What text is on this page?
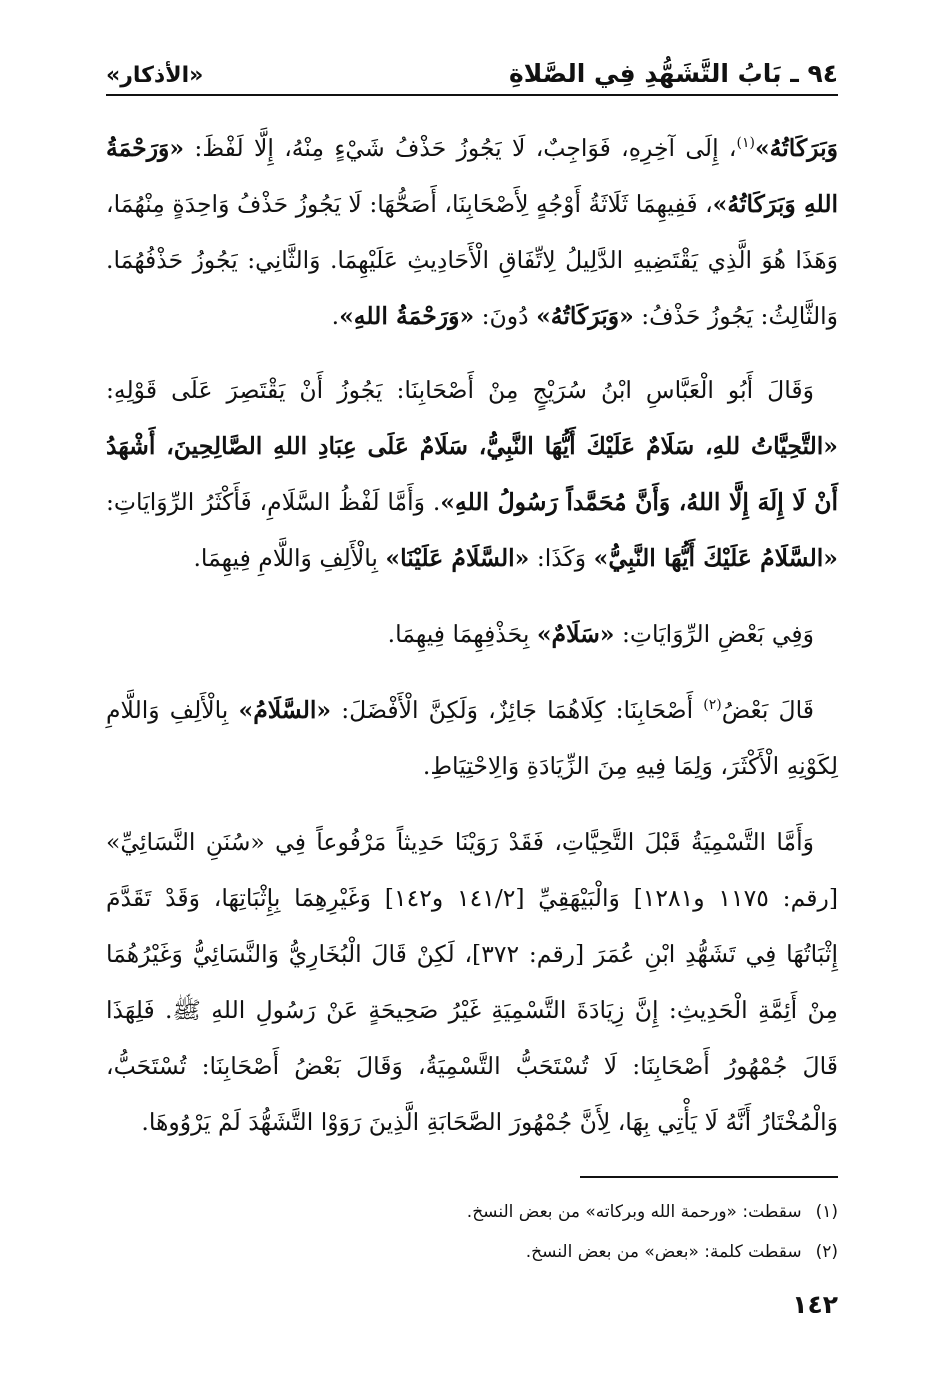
٩٤ ـ بَابُ التَّشَهُّدِ فِي الصَّلاةِ
«الأذكار»

وَبَرَكَاتُهُ»$^{(١)}$، إِلَى آخِرِهِ، فَوَاجِبٌ، لَا يَجُوزُ حَذْفُ شَيْءٍ مِنْهُ، إِلَّا لَفْظَ: «وَرَحْمَةُ اللهِ وَبَرَكَاتُهُ»، فَفِيهِمَا ثَلَاثَةُ أَوْجُهٍ لِأَصْحَابِنَا، أَصَحُّهَا: لَا يَجُوزُ حَذْفُ وَاحِدَةٍ مِنْهُمَا، وَهَذَا هُوَ الَّذِي يَقْتَضِيهِ الدَّلِيلُ لِاتِّفَاقِ الْأَحَادِيثِ عَلَيْهِمَا. وَالثَّانِي: يَجُوزُ حَذْفُهُمَا. وَالثَّالِثُ: يَجُوزُ حَذْفُ: «وَبَرَكَاتُهُ» دُونَ: «وَرَحْمَةُ اللهِ».

وَقَالَ أَبُو الْعَبَّاسِ ابْنُ سُرَيْجٍ مِنْ أَصْحَابِنَا: يَجُوزُ أَنْ يَقْتَصِرَ عَلَى قَوْلِهِ: «التَّحِيَّاتُ للهِ، سَلَامٌ عَلَيْكَ أَيُّهَا النَّبِيُّ، سَلَامٌ عَلَى عِبَادِ اللهِ الصَّالِحِينَ، أَشْهَدُ أَنْ لَا إِلَهَ إِلَّا اللهُ، وَأَنَّ مُحَمَّداً رَسُولُ اللهِ». وَأَمَّا لَفْظُ السَّلَامِ، فَأَكْثَرُ الرِّوَايَاتِ: «السَّلَامُ عَلَيْكَ أَيُّهَا النَّبِيُّ» وَكَذَا: «السَّلَامُ عَلَيْنَا» بِالْأَلِفِ وَاللَّامِ فِيهِمَا.

وَفِي بَعْضِ الرِّوَايَاتِ: «سَلَامٌ» بِحَذْفِهِمَا فِيهِمَا.

قَالَ بَعْضُ$^{(٢)}$ أَصْحَابِنَا: كِلَاهُمَا جَائِزٌ، وَلَكِنَّ الْأَفْضَلَ: «السَّلَامُ» بِالْأَلِفِ وَاللَّامِ لِكَوْنِهِ الْأَكْثَرَ، وَلِمَا فِيهِ مِنَ الزِّيَادَةِ وَالِاحْتِيَاطِ.

وَأَمَّا التَّسْمِيَةُ قَبْلَ التَّحِيَّاتِ، فَقَدْ رَوَيْنَا حَدِيثاً مَرْفُوعاً فِي «سُنَنِ النَّسَائِيِّ» [رقم: ١١٧٥ و١٢٨١] وَالْبَيْهَقِيِّ [١٤١/٢ و١٤٢] وَغَيْرِهِمَا بِإِثْبَاتِهَا، وَقَدْ تَقَدَّمَ إِثْبَاتُهَا فِي تَشَهُّدِ ابْنِ عُمَرَ [رقم: ٣٧٢]، لَكِنْ قَالَ الْبُخَارِيُّ وَالنَّسَائِيُّ وَغَيْرُهُمَا مِنْ أَئِمَّةِ الْحَدِيثِ: إِنَّ زِيَادَةَ التَّسْمِيَةِ غَيْرُ صَحِيحَةٍ عَنْ رَسُولِ اللهِ ﷺ. فَلِهَذَا قَالَ جُمْهُورُ أَصْحَابِنَا: لَا تُسْتَحَبُّ التَّسْمِيَةُ، وَقَالَ بَعْضُ أَصْحَابِنَا: تُسْتَحَبُّ، وَالْمُخْتَارُ أَنَّهُ لَا يَأْتِي بِهَا، لِأَنَّ جُمْهُورَ الصَّحَابَةِ الَّذِينَ رَوَوْا التَّشَهُّدَ لَمْ يَرْوُوهَا.

(١)سقطت: «ورحمة الله وبركاته» من بعض النسخ.
(٢)سقطت كلمة: «بعض» من بعض النسخ.
١٤٢
